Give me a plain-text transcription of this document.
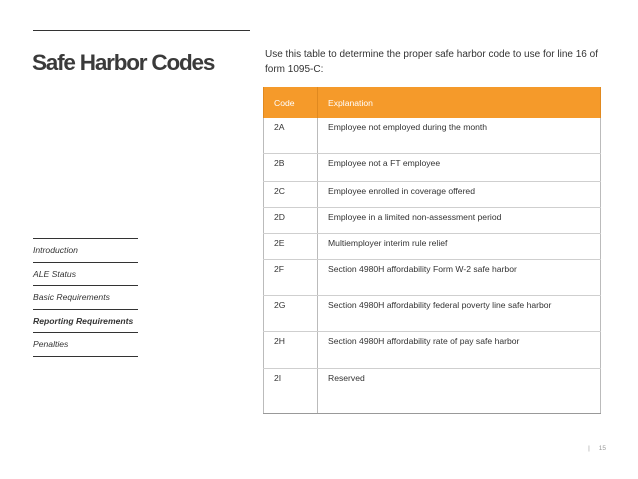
Safe Harbor Codes	Use this table to determine the proper safe harbor code to use for line 16 of form 1095-C:
Introduction
ALE Status
Basic Requirements
Reporting Requirements
Penalties
Code	Explanation

2A	Employee not employed during the month

2B	Employee not a FT employee

2C	Employee enrolled in coverage offered

2D	Employee in a limited non-assessment period

2E	Multiemployer interim rule relief

2F	Section 4980H affordability Form W-2 safe harbor

2G	Section 4980H affordability federal poverty line safe harbor

2H	Section 4980H affordability rate of pay safe harbor

2I	Reserved
| 15
